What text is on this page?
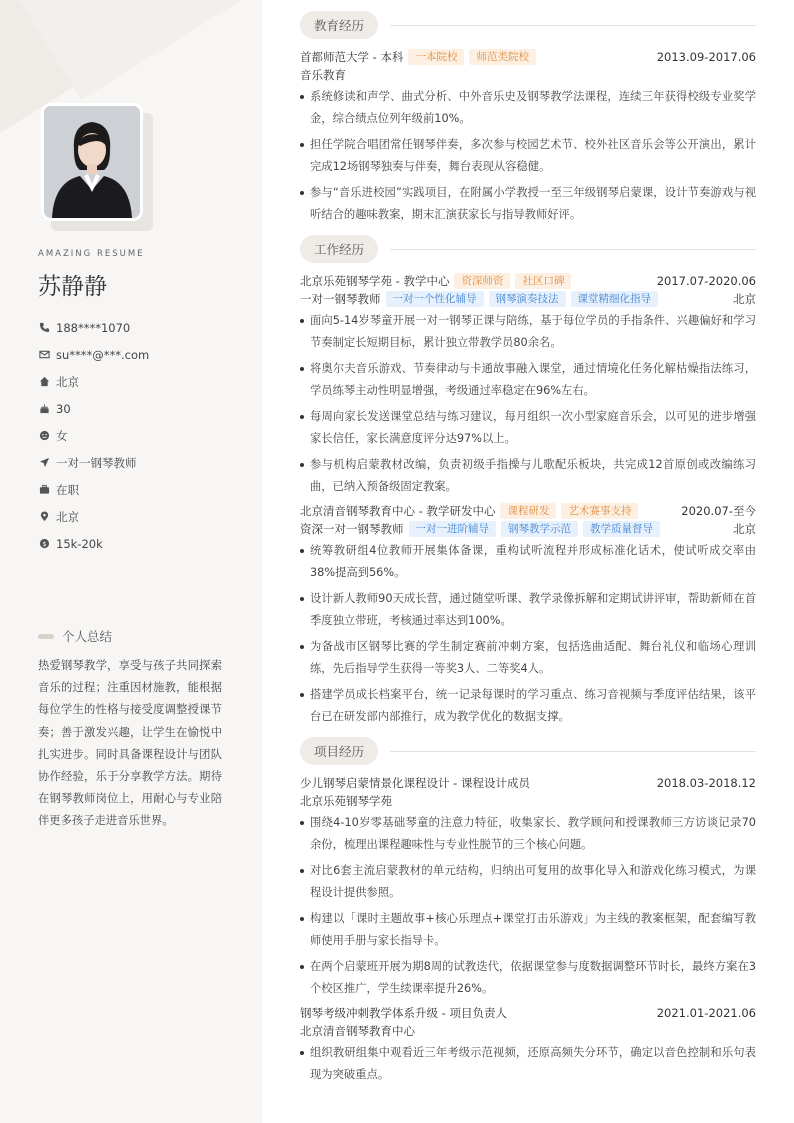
AMAZING RESUME
苏静静
188****1070
su****@***.com
北京
30
女
一对一钢琴教师
在职
北京
$ 15k-20k
个人总结
热爱钢琴教学，享受与孩子共同探索音乐的过程；注重因材施教，能根据每位学生的性格与接受度调整授课节奏；善于激发兴趣，让学生在愉悦中扎实进步。同时具备课程设计与团队协作经验，乐于分享教学方法。期待在钢琴教师岗位上，用耐心与专业陪伴更多孩子走进音乐世界。
教育经历
首都师范大学 - 本科	一本院校	师范类院校	2013.09-2017.06
音乐教育
系统修读和声学、曲式分析、中外音乐史及钢琴教学法课程，连续三年获得校级专业奖学金，综合绩点位列年级前10%。
担任学院合唱团常任钢琴伴奏，多次参与校园艺术节、校外社区音乐会等公开演出，累计完成12场钢琴独奏与伴奏，舞台表现从容稳健。
参与“音乐进校园”实践项目，在附属小学教授一至三年级钢琴启蒙课，设计节奏游戏与视听结合的趣味教案，期末汇演获家长与指导教师好评。
工作经历
北京乐苑钢琴学苑 - 教学中心	资深师资	社区口碑	2017.07-2020.06
一对一钢琴教师	一对一个性化辅导	钢琴演奏技法	课堂精细化指导	北京
面向5-14岁琴童开展一对一钢琴正课与陪练，基于每位学员的手指条件、兴趣偏好和学习节奏制定长短期目标，累计独立带教学员80余名。
将奥尔夫音乐游戏、节奏律动与卡通故事融入课堂，通过情境化任务化解枯燥指法练习，学员练琴主动性明显增强，考级通过率稳定在96%左右。
每周向家长发送课堂总结与练习建议，每月组织一次小型家庭音乐会，以可见的进步增强家长信任，家长满意度评分达97%以上。
参与机构启蒙教材改编，负责初级手指操与儿歌配乐板块，共完成12首原创或改编练习曲，已纳入预备级固定教案。
北京清音钢琴教育中心 - 教学研发中心	课程研发	艺术赛事支持	2020.07-至今
资深一对一钢琴教师	一对一进阶辅导	钢琴教学示范	教学质量督导	北京
统筹教研组4位教师开展集体备课，重构试听流程并形成标准化话术，使试听成交率由38%提高到56%。
设计新人教师90天成长营，通过随堂听课、教学录像拆解和定期试讲评审，帮助新师在首季度独立带班，考核通过率达到100%。
为备战市区钢琴比赛的学生制定赛前冲刺方案，包括选曲适配、舞台礼仪和临场心理训练，先后指导学生获得一等奖3人、二等奖4人。
搭建学员成长档案平台，统一记录每课时的学习重点、练习音视频与季度评估结果，该平台已在研发部内部推行，成为教学优化的数据支撑。
项目经历
少儿钢琴启蒙情景化课程设计 - 课程设计成员	2018.03-2018.12
北京乐苑钢琴学苑
围绕4-10岁零基础琴童的注意力特征，收集家长、教学顾问和授课教师三方访谈记录70余份，梳理出课程趣味性与专业性脱节的三个核心问题。
对比6套主流启蒙教材的单元结构，归纳出可复用的故事化导入和游戏化练习模式，为课程设计提供参照。
构建以「课时主题故事+核心乐理点+课堂打击乐游戏」为主线的教案框架，配套编写教师使用手册与家长指导卡。
在两个启蒙班开展为期8周的试教迭代，依据课堂参与度数据调整环节时长，最终方案在3个校区推广，学生续课率提升26%。
钢琴考级冲刺教学体系升级 - 项目负责人	2021.01-2021.06
北京清音钢琴教育中心
组织教研组集中观看近三年考级示范视频，还原高频失分环节，确定以音色控制和乐句表现为突破重点。
